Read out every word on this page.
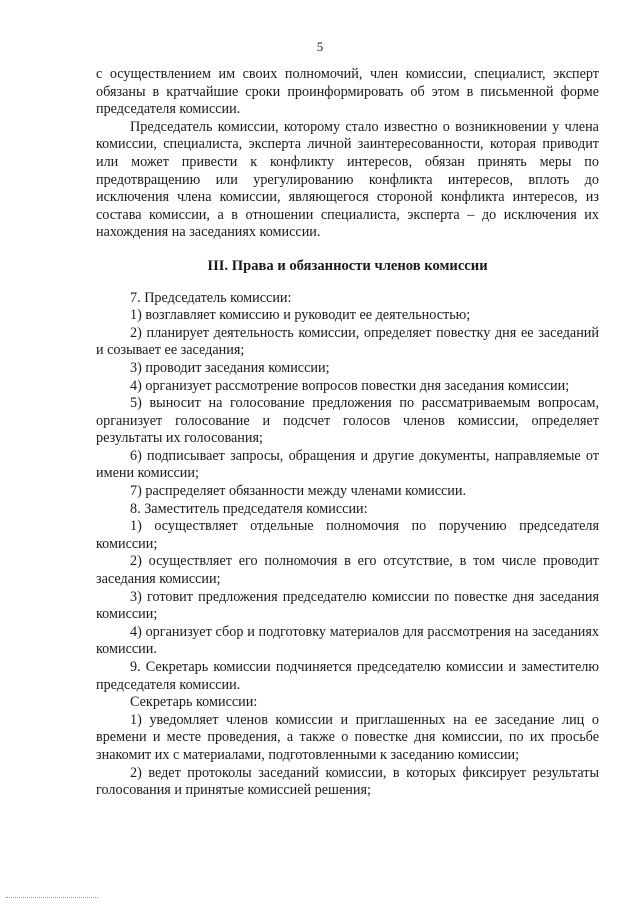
5

с осуществлением им своих полномочий, член комиссии, специалист, эксперт обязаны в кратчайшие сроки проинформировать об этом в письменной форме председателя комиссии.

Председатель комиссии, которому стало известно о возникновении у члена комиссии, специалиста, эксперта личной заинтересованности, которая приводит или может привести к конфликту интересов, обязан принять меры по предотвращению или урегулированию конфликта интересов, вплоть до исключения члена комиссии, являющегося стороной конфликта интересов, из состава комиссии, а в отношении специалиста, эксперта – до исключения их нахождения на заседаниях комиссии.

III. Права и обязанности членов комиссии

7. Председатель комиссии:

1) возглавляет комиссию и руководит ее деятельностью;

2) планирует деятельность комиссии, определяет повестку дня ее заседаний и созывает ее заседания;

3) проводит заседания комиссии;

4) организует рассмотрение вопросов повестки дня заседания комиссии;

5) выносит на голосование предложения по рассматриваемым вопросам, организует голосование и подсчет голосов членов комиссии, определяет результаты их голосования;

6) подписывает запросы, обращения и другие документы, направляемые от имени комиссии;

7) распределяет обязанности между членами комиссии.

8. Заместитель председателя комиссии:

1) осуществляет отдельные полномочия по поручению председателя комиссии;

2) осуществляет его полномочия в его отсутствие, в том числе проводит заседания комиссии;

3) готовит предложения председателю комиссии по повестке дня заседания комиссии;

4) организует сбор и подготовку материалов для рассмотрения на заседаниях комиссии.

9. Секретарь комиссии подчиняется председателю комиссии и заместителю председателя комиссии.

Секретарь комиссии:

1) уведомляет членов комиссии и приглашенных на ее заседание лиц о времени и месте проведения, а также о повестке дня комиссии, по их просьбе знакомит их с материалами, подготовленными к заседанию комиссии;

2) ведет протоколы заседаний комиссии, в которых фиксирует результаты голосования и принятые комиссией решения;
